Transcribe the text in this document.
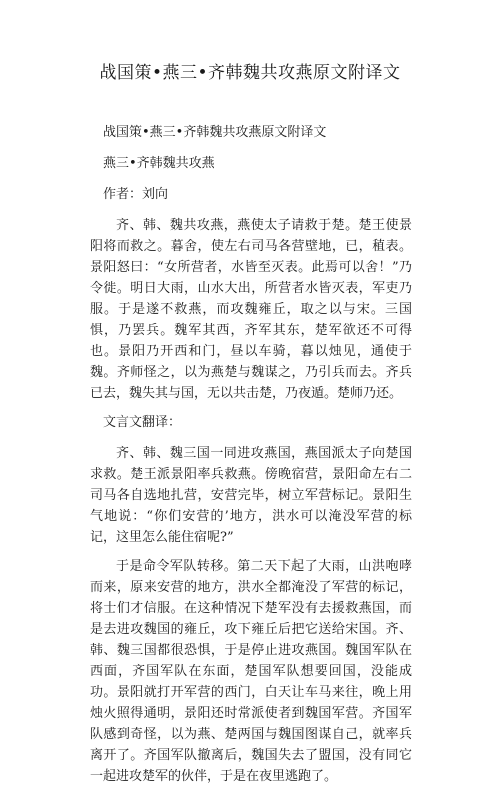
战国策•燕三•齐韩魏共攻燕原文附译文

战国策•燕三•齐韩魏共攻燕原文附译文

燕三•齐韩魏共攻燕

作者：刘向

齐、韩、魏共攻燕，燕使太子请救于楚。楚王使景阳将而救之。暮舍，使左右司马各营壁地，已，稙表。景阳怒曰：“女所营者，水皆至灭表。此焉可以舍！”乃令徙。明日大雨，山水大出，所营者水皆灭表，军吏乃服。于是遂不救燕，而攻魏雍丘，取之以与宋。三国惧，乃罢兵。魏军其西，齐军其东，楚军欲还不可得也。景阳乃开西和门，昼以车骑，暮以烛见，通使于魏。齐师怪之，以为燕楚与魏谋之，乃引兵而去。齐兵已去，魏失其与国，无以共击楚，乃夜遁。楚师乃还。

文言文翻译：

齐、韩、魏三国一同进攻燕国，燕国派太子向楚国求救。楚王派景阳率兵救燕。傍晚宿营，景阳命左右二司马各自选地扎营，安营完毕，树立军营标记。景阳生气地说：“你们安营的’地方，洪水可以淹没军营的标记，这里怎么能住宿呢?”

于是命令军队转移。第二天下起了大雨，山洪咆哮而来，原来安营的地方，洪水全都淹没了军营的标记，将士们才信服。在这种情况下楚军没有去援救燕国，而是去进攻魏国的雍丘，攻下雍丘后把它送给宋国。齐、韩、魏三国都很恐惧，于是停止进攻燕国。魏国军队在西面，齐国军队在东面，楚国军队想要回国，没能成功。景阳就打开军营的西门，白天让车马来往，晚上用烛火照得通明，景阳还时常派使者到魏国军营。齐国军队感到奇怪，以为燕、楚两国与魏国图谋自己，就率兵离开了。齐国军队撤离后，魏国失去了盟国，没有同它一起进攻楚军的伙伴，于是在夜里逃跑了。
